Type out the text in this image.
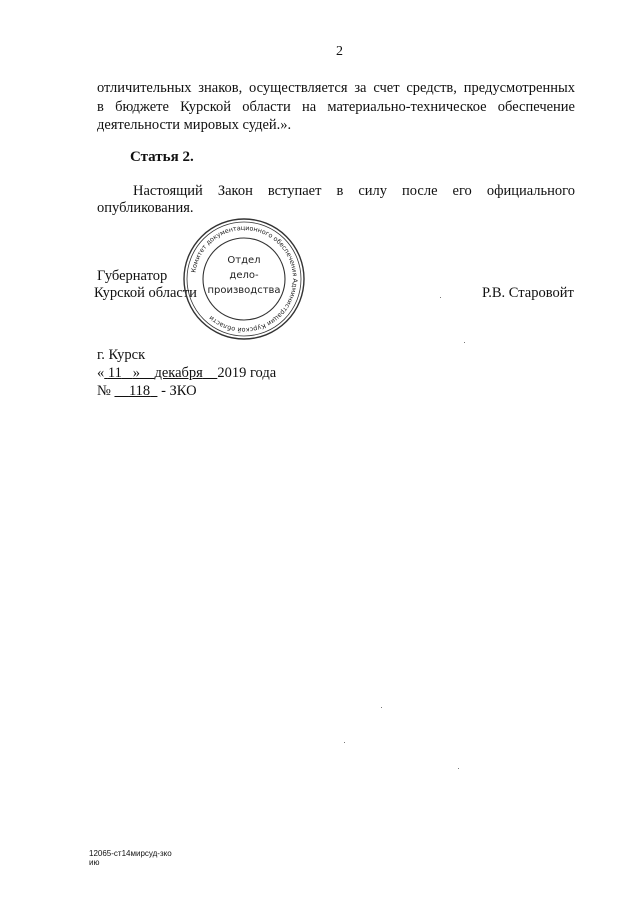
2
отличительных знаков, осуществляется за счет средств, предусмотренных
в бюджете Курской области на материально-техническое обеспечение
деятельности мировых судей.».
Статья 2.
Настоящий Закон вступает в силу после его официального
опубликования.
Губернатор
Курской области	Р.В. Старовойт
Комитет документационного обеспечения Администрации Курской области
Отдел
дело-
производства
г. Курск
« 11 » декабря 2019 года
№ 118 - ЗКО
12065-ст14мирсуд-зко
ию
